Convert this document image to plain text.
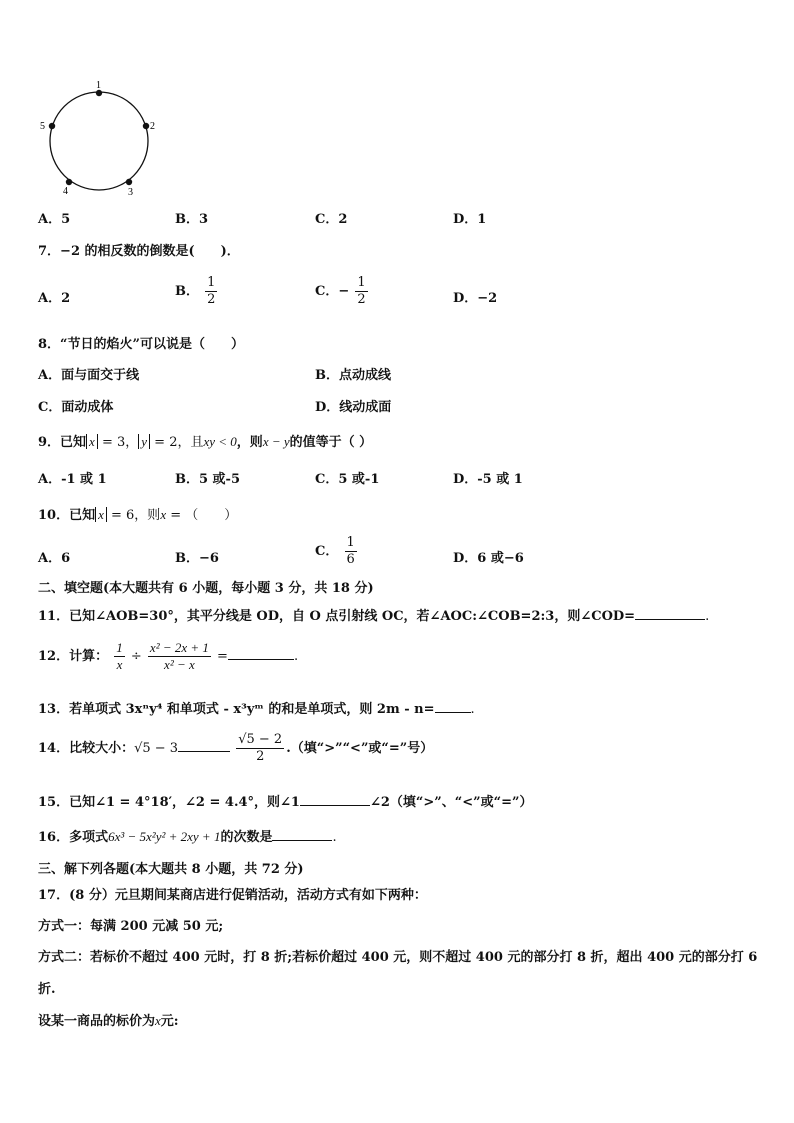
1
2
3
4
5
A．5	B．3	C．2	D．1
7．−2 的相反数的倒数是(　　)．
A．2	B． $\frac{1}{2}$	C．− $\frac{1}{2}$	D．−2
8．“节日的焰火”可以说是（　　）
A．面与面交于线	B．点动成线
C．面动成体	D．线动成面
9．已知 x = 3， y = 2，且xy < 0，则x − y的值等于（ ）
A．-1 或 1	B．5 或-5	C．5 或-1	D．-5 或 1
10．已知 x = 6，则x = （　　）
A．6	B．−6	C． $\frac{1}{6}$	D．6 或−6
二、填空题(本大题共有 6 小题，每小题 3 分，共 18 分)
11．已知∠AOB=30°，其平分线是 OD，自 O 点引射线 OC，若∠AOC:∠COB=2:3，则∠COD=	.
12．计算： $\frac{1}{x} \div \frac{\text{x² − 2x + 1}}{\text{x² − x}}$ =	.
13．若单项式 3xⁿy⁴ 和单项式 - x³yᵐ 的和是单项式，则 2m - n=	.
14．比较大小：√5 − 3	$\frac{√5 - 2}{2}$ .（填“>”“<”或“=”号）
15．已知∠1 = 4°18′，∠2 = 4.4°，则∠1	∠2（填“>”、“<”或“=”）
16．多项式6x³ − 5x²y² + 2xy + 1的次数是	.
三、解下列各题(本大题共 8 小题，共 72 分)
17．(8 分）元旦期间某商店进行促销活动，活动方式有如下两种：
方式一：每满 200 元减 50 元;
方式二：若标价不超过 400 元时，打 8 折;若标价超过 400 元，则不超过 400 元的部分打 8 折，超出 400 元的部分打 6
折.
设某一商品的标价为x元:
